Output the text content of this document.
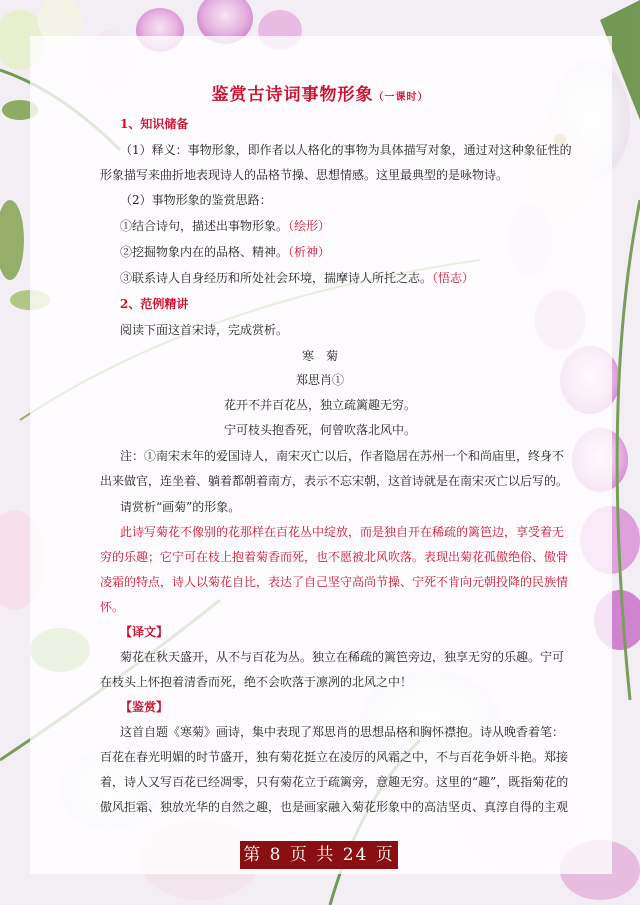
鉴赏古诗词事物形象（一课时）
1、知识储备
（1）释义：事物形象，即作者以人格化的事物为具体描写对象，通过对这种象征性的
形象描写来曲折地表现诗人的品格节操、思想情感。这里最典型的是咏物诗。
（2）事物形象的鉴赏思路：
①结合诗句，描述出事物形象。（绘形）
②挖掘物象内在的品格、精神。（析神）
③联系诗人自身经历和所处社会环境，揣摩诗人所托之志。（悟志）
2、范例精讲
阅读下面这首宋诗，完成赏析。
寒　菊
郑思肖①
花开不并百花丛，独立疏篱趣无穷。
宁可枝头抱香死，何曾吹落北风中。
注：①南宋末年的爱国诗人，南宋灭亡以后，作者隐居在苏州一个和尚庙里，终身不
出来做官，连坐着、躺着都朝着南方，表示不忘宋朝，这首诗就是在南宋灭亡以后写的。
请赏析“画菊”的形象。
此诗写菊花不像别的花那样在百花丛中绽放，而是独自开在稀疏的篱笆边，享受着无
穷的乐趣；它宁可在枝上抱着菊香而死，也不愿被北风吹落。表现出菊花孤傲绝俗、傲骨
凌霜的特点，诗人以菊花自比，表达了自己坚守高尚节操、宁死不肯向元朝投降的民族情
怀。
【译文】
菊花在秋天盛开，从不与百花为丛。独立在稀疏的篱笆旁边，独享无穷的乐趣。宁可
在枝头上怀抱着清香而死，绝不会吹落于凛冽的北风之中！
【鉴赏】
这首自题《寒菊》画诗，集中表现了郑思肖的思想品格和胸怀襟抱。诗从晚香着笔：
百花在春光明媚的时节盛开，独有菊花挺立在凌厉的风霜之中，不与百花争妍斗艳。郑接
着，诗人又写百花已经凋零，只有菊花立于疏篱旁，意趣无穷。这里的“趣”，既指菊花的
傲风拒霜、独放光华的自然之趣，也是画家融入菊花形象中的高洁坚贞、真淳自得的主观
第 8 页 共 24 页
